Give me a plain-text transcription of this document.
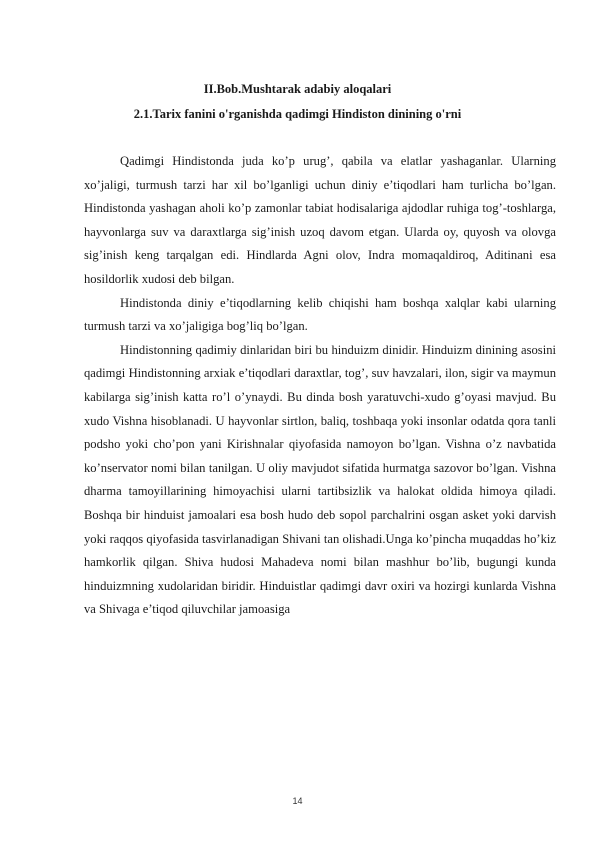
II.Bob.Mushtarak adabiy aloqalari
2.1.Tarix fanini o'rganishda qadimgi Hindiston dinining o'rni

Qadimgi Hindistonda juda ko’p urug’, qabila va elatlar yashaganlar. Ularning xo’jaligi, turmush tarzi har xil bo’lganligi uchun diniy e’tiqodlari ham turlicha bo’lgan. Hindistonda yashagan aholi ko’p zamonlar tabiat hodisalariga ajdodlar ruhiga tog’-toshlarga, hayvonlarga suv va daraxtlarga sig’inish uzoq davom etgan. Ularda oy, quyosh va olovga sig’inish keng tarqalgan edi. Hindlarda Agni olov, Indra momaqaldiroq, Aditinani esa hosildorlik xudosi deb bilgan.

Hindistonda diniy e’tiqodlarning kelib chiqishi ham boshqa xalqlar kabi ularning turmush tarzi va xo’jaligiga bog’liq bo’lgan.

Hindistonning qadimiy dinlaridan biri bu hinduizm dinidir. Hinduizm dinining asosini qadimgi Hindistonning arxiak e’tiqodlari daraxtlar, tog’, suv havzalari, ilon, sigir va maymun kabilarga sig’inish katta ro’l o’ynaydi. Bu dinda bosh yaratuvchi-xudo g’oyasi mavjud. Bu xudo Vishna hisoblanadi. U hayvonlar sirtlon, baliq, toshbaqa yoki insonlar odatda qora tanli podsho yoki cho’pon yani Kirishnalar qiyofasida namoyon bo’lgan. Vishna o’z navbatida ko’nservator nomi bilan tanilgan. U oliy mavjudot sifatida hurmatga sazovor bo’lgan. Vishna dharma tamoyillarining himoyachisi ularni tartibsizlik va halokat oldida himoya qiladi. Boshqa bir hinduist jamoalari esa bosh hudo deb sopol parchalrini osgan asket yoki darvish yoki raqqos qiyofasida tasvirlanadigan Shivani tan olishadi.Unga ko’pincha muqaddas ho’kiz hamkorlik qilgan. Shiva hudosi Mahadeva nomi bilan mashhur bo’lib, bugungi kunda hinduizmning xudolaridan biridir. Hinduistlar qadimgi davr oxiri va hozirgi kunlarda Vishna va Shivaga e’tiqod qiluvchilar jamoasiga

14
